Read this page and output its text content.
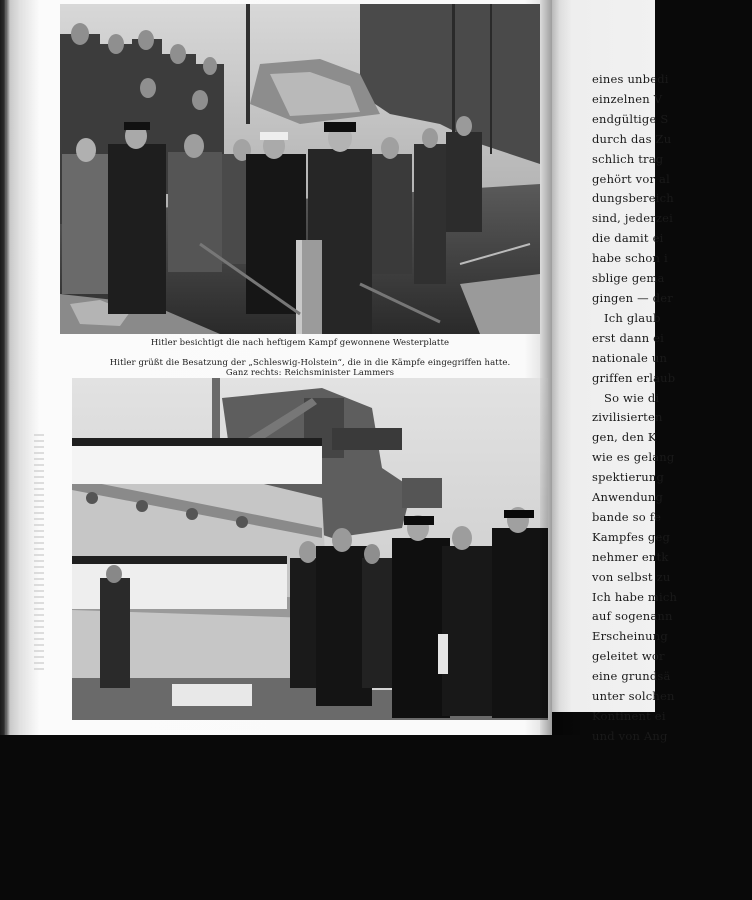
Hitler besichtigt die nach heftigem Kampf gewonnene Westerplatte
Hitler grüßt die Besatzung der „Schleswig-Holstein“, die in die Kämpfe eingegriffen hatte.
Ganz rechts: Reichsminister Lammers
eines unbedi
einzelnen V
endgültige S
durch das Zu
schlich trag
gehört vor al
dungsbereich
sind, jederzei
die damit ei
habe schon i
sblige gema
gingen — der
Ich glaub
erst dann ei
nationale un
griffen erlaub
So wie di
zivilisierten
gen, den K
wie es gelang
spektierung
Anwendung
bande so fe
Kampfes geg
nehmer entk
von selbst zu
Ich habe mich
auf sogenann
Erscheinung
geleitet wor
eine grundsä
unter solchen
Kontinent ei
und von Ang
